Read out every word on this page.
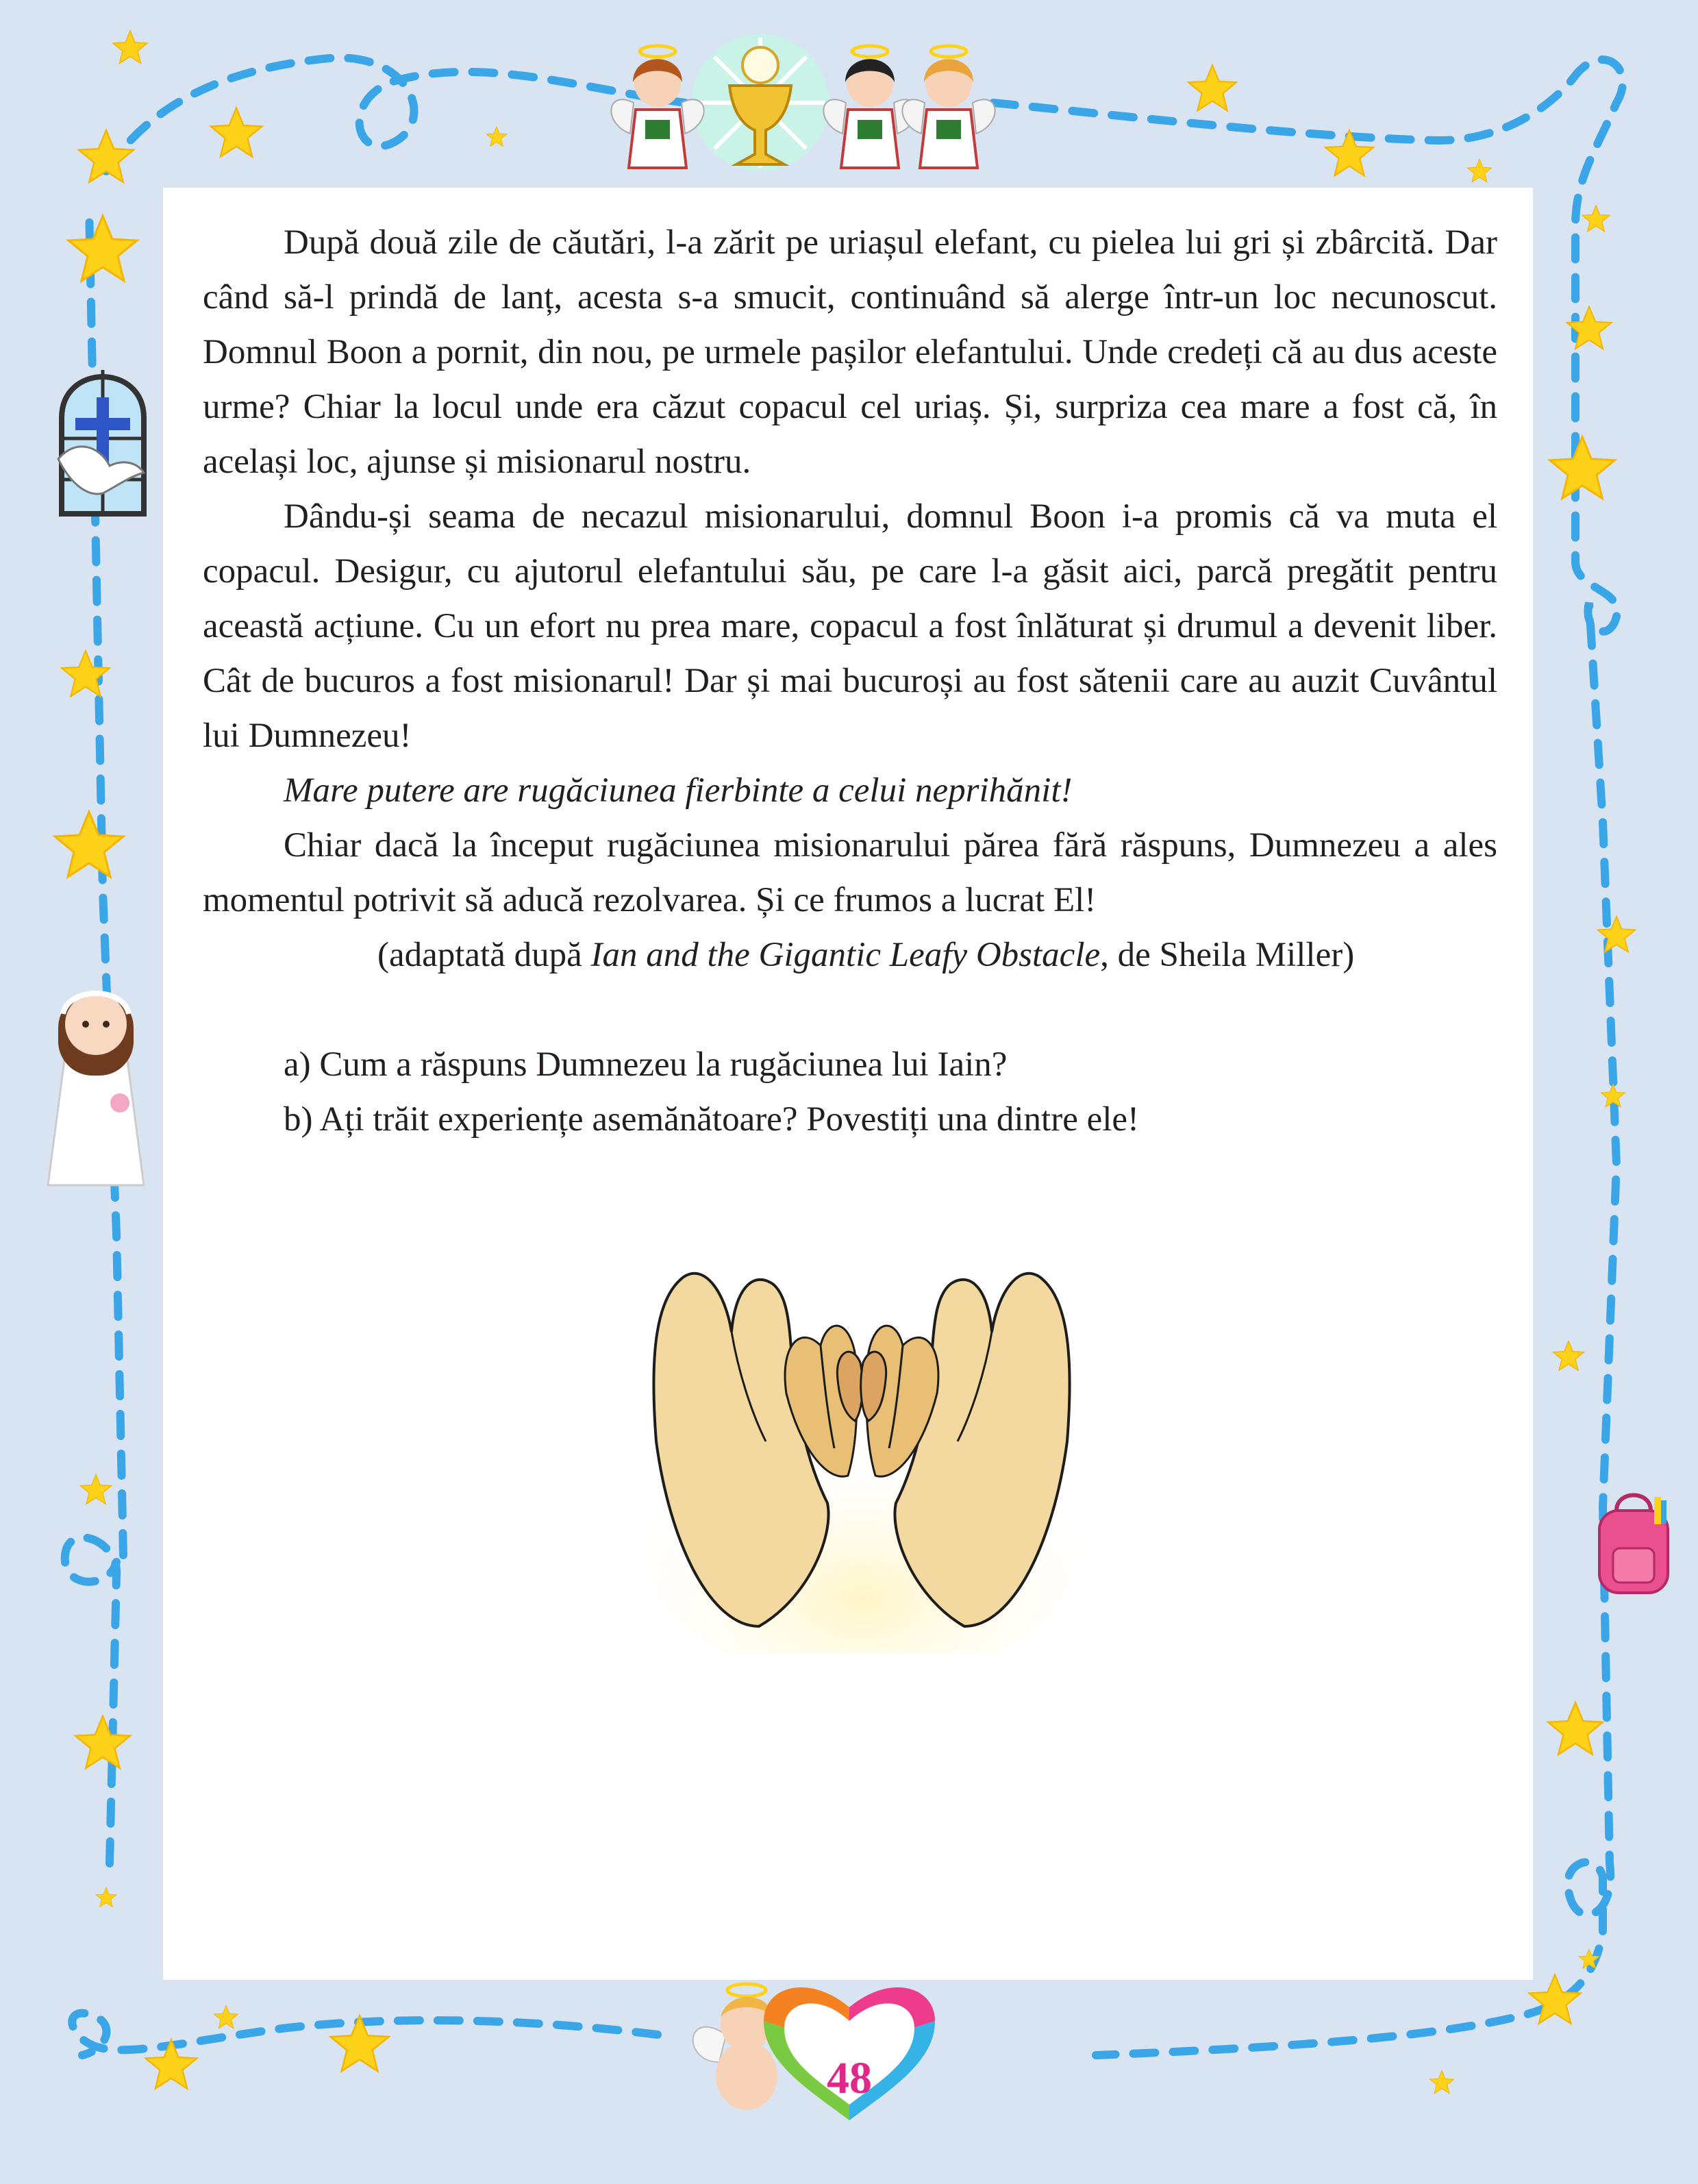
48

După două zile de căutări, l-a zărit pe uriașul elefant, cu pielea lui gri și zbârcită. Dar când să-l prindă de lanț, acesta s-a smucit, continuând să alerge într-un loc necunoscut. Domnul Boon a pornit, din nou, pe urmele pașilor elefantului. Unde credeți că au dus aceste urme? Chiar la locul unde era căzut copacul cel uriaș. Și, surpriza cea mare a fost că, în același loc, ajunse și misionarul nostru.

Dându-și seama de necazul misionarului, domnul Boon i-a promis că va muta el copacul. Desigur, cu ajutorul elefantului său, pe care l-a găsit aici, parcă pregătit pentru această acțiune. Cu un efort nu prea mare, copacul a fost înlăturat și drumul a devenit liber. Cât de bucuros a fost misionarul! Dar și mai bucuroși au fost sătenii care au auzit Cuvântul lui Dumnezeu!

Mare putere are rugăciunea fierbinte a celui neprihănit!

Chiar dacă la început rugăciunea misionarului părea fără răspuns, Dumnezeu a ales momentul potrivit să aducă rezolvarea. Și ce frumos a lucrat El!

(adaptată după Ian and the Gigantic Leafy Obstacle, de Sheila Miller)

a) Cum a răspuns Dumnezeu la rugăciunea lui Iain?

b) Ați trăit experiențe asemănătoare? Povestiți una dintre ele!
